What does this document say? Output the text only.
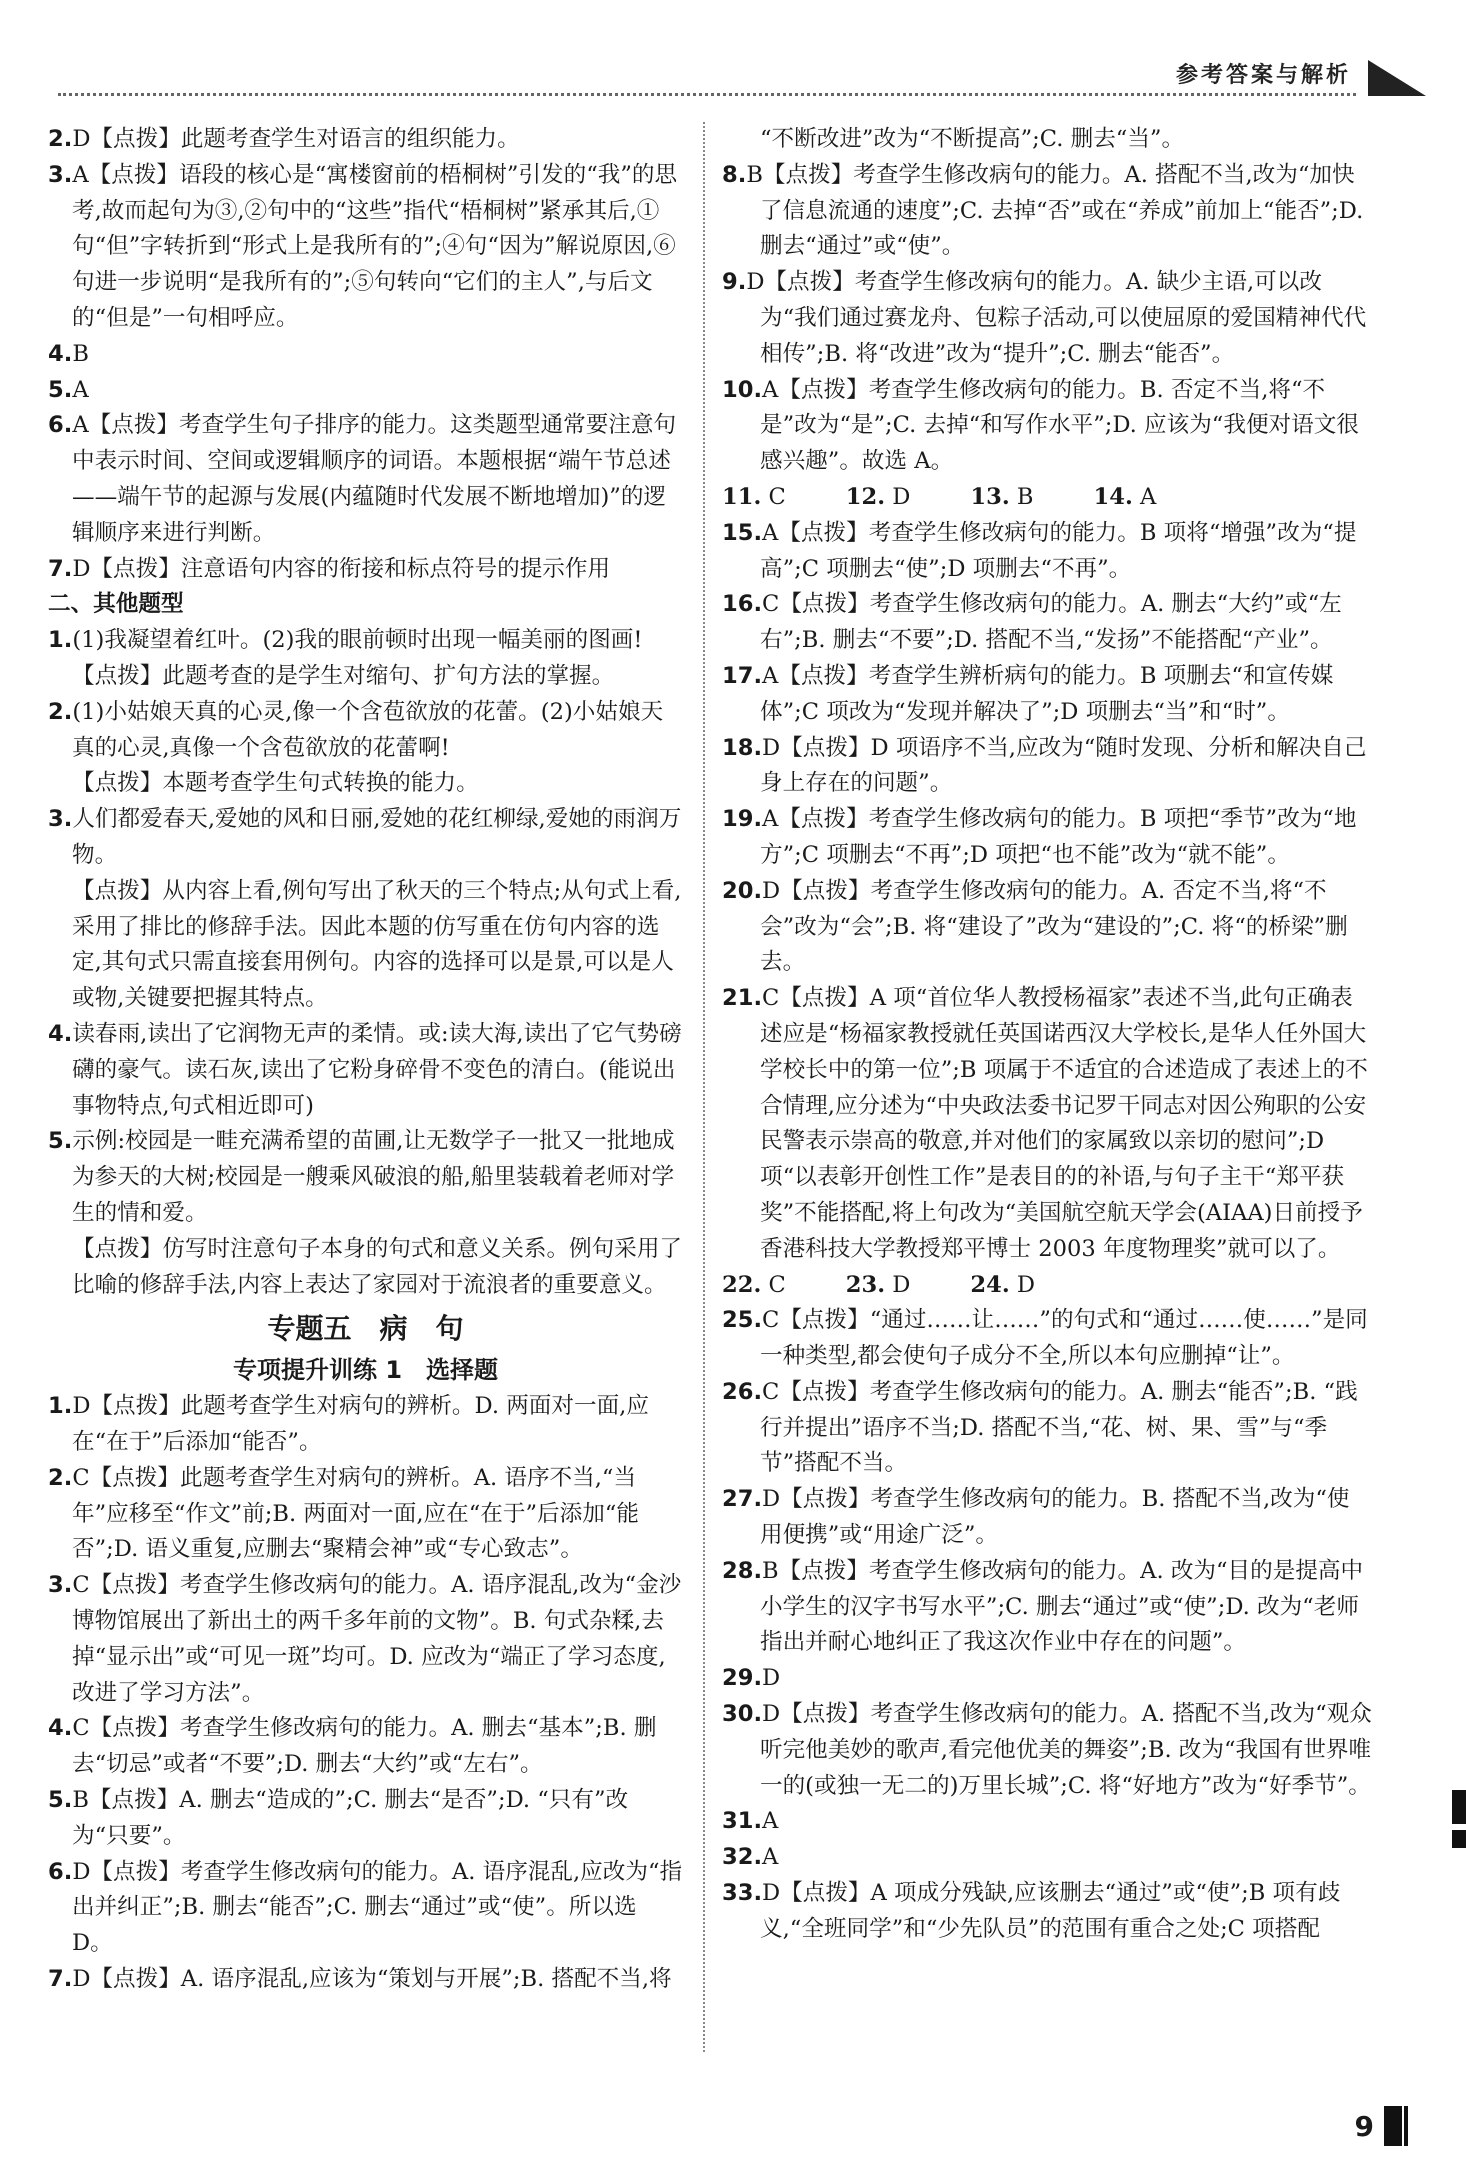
参考答案与解析
2.D【点拨】此题考查学生对语言的组织能力。
3.A【点拨】语段的核心是“寓楼窗前的梧桐树”引发的“我”的思考,故而起句为③,②句中的“这些”指代“梧桐树”紧承其后,①句“但”字转折到“形式上是我所有的”;④句“因为”解说原因,⑥句进一步说明“是我所有的”;⑤句转向“它们的主人”,与后文的“但是”一句相呼应。
4.B
5.A
6.A【点拨】考查学生句子排序的能力。这类题型通常要注意句中表示时间、空间或逻辑顺序的词语。本题根据“端午节总述——端午节的起源与发展(内蕴随时代发展不断地增加)”的逻辑顺序来进行判断。
7.D【点拨】注意语句内容的衔接和标点符号的提示作用
二、其他题型
1.(1)我凝望着红叶。(2)我的眼前顿时出现一幅美丽的图画!
【点拨】此题考查的是学生对缩句、扩句方法的掌握。
2.(1)小姑娘天真的心灵,像一个含苞欲放的花蕾。(2)小姑娘天真的心灵,真像一个含苞欲放的花蕾啊!
【点拨】本题考查学生句式转换的能力。
3.人们都爱春天,爱她的风和日丽,爱她的花红柳绿,爱她的雨润万物。
【点拨】从内容上看,例句写出了秋天的三个特点;从句式上看,采用了排比的修辞手法。因此本题的仿写重在仿句内容的选定,其句式只需直接套用例句。内容的选择可以是景,可以是人或物,关键要把握其特点。
4.读春雨,读出了它润物无声的柔情。或:读大海,读出了它气势磅礴的豪气。读石灰,读出了它粉身碎骨不变色的清白。(能说出事物特点,句式相近即可)
5.示例:校园是一畦充满希望的苗圃,让无数学子一批又一批地成为参天的大树;校园是一艘乘风破浪的船,船里装载着老师对学生的情和爱。
【点拨】仿写时注意句子本身的句式和意义关系。例句采用了比喻的修辞手法,内容上表达了家园对于流浪者的重要意义。
专题五　病　句
专项提升训练 1　选择题
1.D【点拨】此题考查学生对病句的辨析。D. 两面对一面,应在“在于”后添加“能否”。
2.C【点拨】此题考查学生对病句的辨析。A. 语序不当,“当年”应移至“作文”前;B. 两面对一面,应在“在于”后添加“能否”;D. 语义重复,应删去“聚精会神”或“专心致志”。
3.C【点拨】考查学生修改病句的能力。A. 语序混乱,改为“金沙博物馆展出了新出土的两千多年前的文物”。B. 句式杂糅,去掉“显示出”或“可见一斑”均可。D. 应改为“端正了学习态度,改进了学习方法”。
4.C【点拨】考查学生修改病句的能力。A. 删去“基本”;B. 删去“切忌”或者“不要”;D. 删去“大约”或“左右”。
5.B【点拨】A. 删去“造成的”;C. 删去“是否”;D. “只有”改为“只要”。
6.D【点拨】考查学生修改病句的能力。A. 语序混乱,应改为“指出并纠正”;B. 删去“能否”;C. 删去“通过”或“使”。所以选 D。
7.D【点拨】A. 语序混乱,应该为“策划与开展”;B. 搭配不当,将
“不断改进”改为“不断提高”;C. 删去“当”。
8.B【点拨】考查学生修改病句的能力。A. 搭配不当,改为“加快了信息流通的速度”;C. 去掉“否”或在“养成”前加上“能否”;D. 删去“通过”或“使”。
9.D【点拨】考查学生修改病句的能力。A. 缺少主语,可以改为“我们通过赛龙舟、包粽子活动,可以使屈原的爱国精神代代相传”;B. 将“改进”改为“提升”;C. 删去“能否”。
10.A【点拨】考查学生修改病句的能力。B. 否定不当,将“不是”改为“是”;C. 去掉“和写作水平”;D. 应该为“我便对语文很感兴趣”。故选 A。
11. C	12. D	13. B	14. A
15.A【点拨】考查学生修改病句的能力。B 项将“增强”改为“提高”;C 项删去“使”;D 项删去“不再”。
16.C【点拨】考查学生修改病句的能力。A. 删去“大约”或“左右”;B. 删去“不要”;D. 搭配不当,“发扬”不能搭配“产业”。
17.A【点拨】考查学生辨析病句的能力。B 项删去“和宣传媒体”;C 项改为“发现并解决了”;D 项删去“当”和“时”。
18.D【点拨】D 项语序不当,应改为“随时发现、分析和解决自己身上存在的问题”。
19.A【点拨】考查学生修改病句的能力。B 项把“季节”改为“地方”;C 项删去“不再”;D 项把“也不能”改为“就不能”。
20.D【点拨】考查学生修改病句的能力。A. 否定不当,将“不会”改为“会”;B. 将“建设了”改为“建设的”;C. 将“的桥梁”删去。
21.C【点拨】A 项“首位华人教授杨福家”表述不当,此句正确表述应是“杨福家教授就任英国诺西汉大学校长,是华人任外国大学校长中的第一位”;B 项属于不适宜的合述造成了表述上的不合情理,应分述为“中央政法委书记罗干同志对因公殉职的公安民警表示崇高的敬意,并对他们的家属致以亲切的慰问”;D 项“以表彰开创性工作”是表目的的补语,与句子主干“郑平获奖”不能搭配,将上句改为“美国航空航天学会(AIAA)日前授予香港科技大学教授郑平博士 2003 年度物理奖”就可以了。
22. C	23. D	24. D
25.C【点拨】“通过……让……”的句式和“通过……使……”是同一种类型,都会使句子成分不全,所以本句应删掉“让”。
26.C【点拨】考查学生修改病句的能力。A. 删去“能否”;B. “践行并提出”语序不当;D. 搭配不当,“花、树、果、雪”与“季节”搭配不当。
27.D【点拨】考查学生修改病句的能力。B. 搭配不当,改为“使用便携”或“用途广泛”。
28.B【点拨】考查学生修改病句的能力。A. 改为“目的是提高中小学生的汉字书写水平”;C. 删去“通过”或“使”;D. 改为“老师指出并耐心地纠正了我这次作业中存在的问题”。
29.D
30.D【点拨】考查学生修改病句的能力。A. 搭配不当,改为“观众听完他美妙的歌声,看完他优美的舞姿”;B. 改为“我国有世界唯一的(或独一无二的)万里长城”;C. 将“好地方”改为“好季节”。
31.A
32.A
33.D【点拨】A 项成分残缺,应该删去“通过”或“使”;B 项有歧义,“全班同学”和“少先队员”的范围有重合之处;C 项搭配
9
